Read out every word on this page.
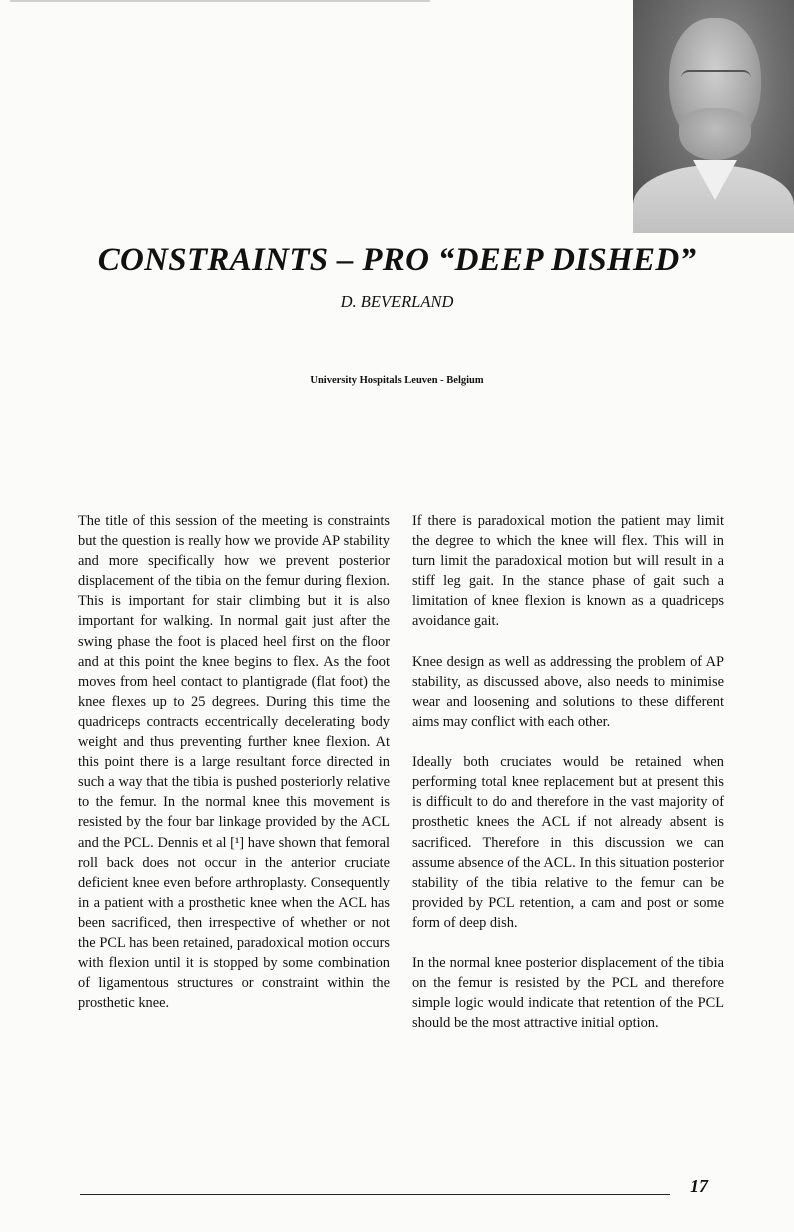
CONSTRAINTS – PRO “DEEP DISHED”
D. BEVERLAND
University Hospitals Leuven - Belgium

The title of this session of the meeting is constraints but the question is really how we provide AP stability and more specifically how we prevent posterior displacement of the tibia on the femur during flexion. This is important for stair climbing but it is also important for walking. In normal gait just after the swing phase the foot is placed heel first on the floor and at this point the knee begins to flex. As the foot moves from heel contact to plantigrade (flat foot) the knee flexes up to 25 degrees. During this time the quadriceps contracts eccentrically decelerating body weight and thus preventing further knee flexion. At this point there is a large resultant force directed in such a way that the tibia is pushed posteriorly relative to the femur. In the normal knee this movement is resisted by the four bar linkage provided by the ACL and the PCL. Dennis et al [¹] have shown that femoral roll back does not occur in the anterior cruciate deficient knee even before arthroplasty. Consequently in a patient with a prosthetic knee when the ACL has been sacrificed, then irrespective of whether or not the PCL has been retained, paradoxical motion occurs with flexion until it is stopped by some combination of ligamentous structures or constraint within the prosthetic knee.

If there is paradoxical motion the patient may limit the degree to which the knee will flex. This will in turn limit the paradoxical motion but will result in a stiff leg gait. In the stance phase of gait such a limitation of knee flexion is known as a quadriceps avoidance gait.

Knee design as well as addressing the problem of AP stability, as discussed above, also needs to minimise wear and loosening and solutions to these different aims may conflict with each other.

Ideally both cruciates would be retained when performing total knee replacement but at present this is difficult to do and therefore in the vast majority of prosthetic knees the ACL if not already absent is sacrificed. Therefore in this discussion we can assume absence of the ACL. In this situation posterior stability of the tibia relative to the femur can be provided by PCL retention, a cam and post or some form of deep dish.

In the normal knee posterior displacement of the tibia on the femur is resisted by the PCL and therefore simple logic would indicate that retention of the PCL should be the most attractive initial option.

17
